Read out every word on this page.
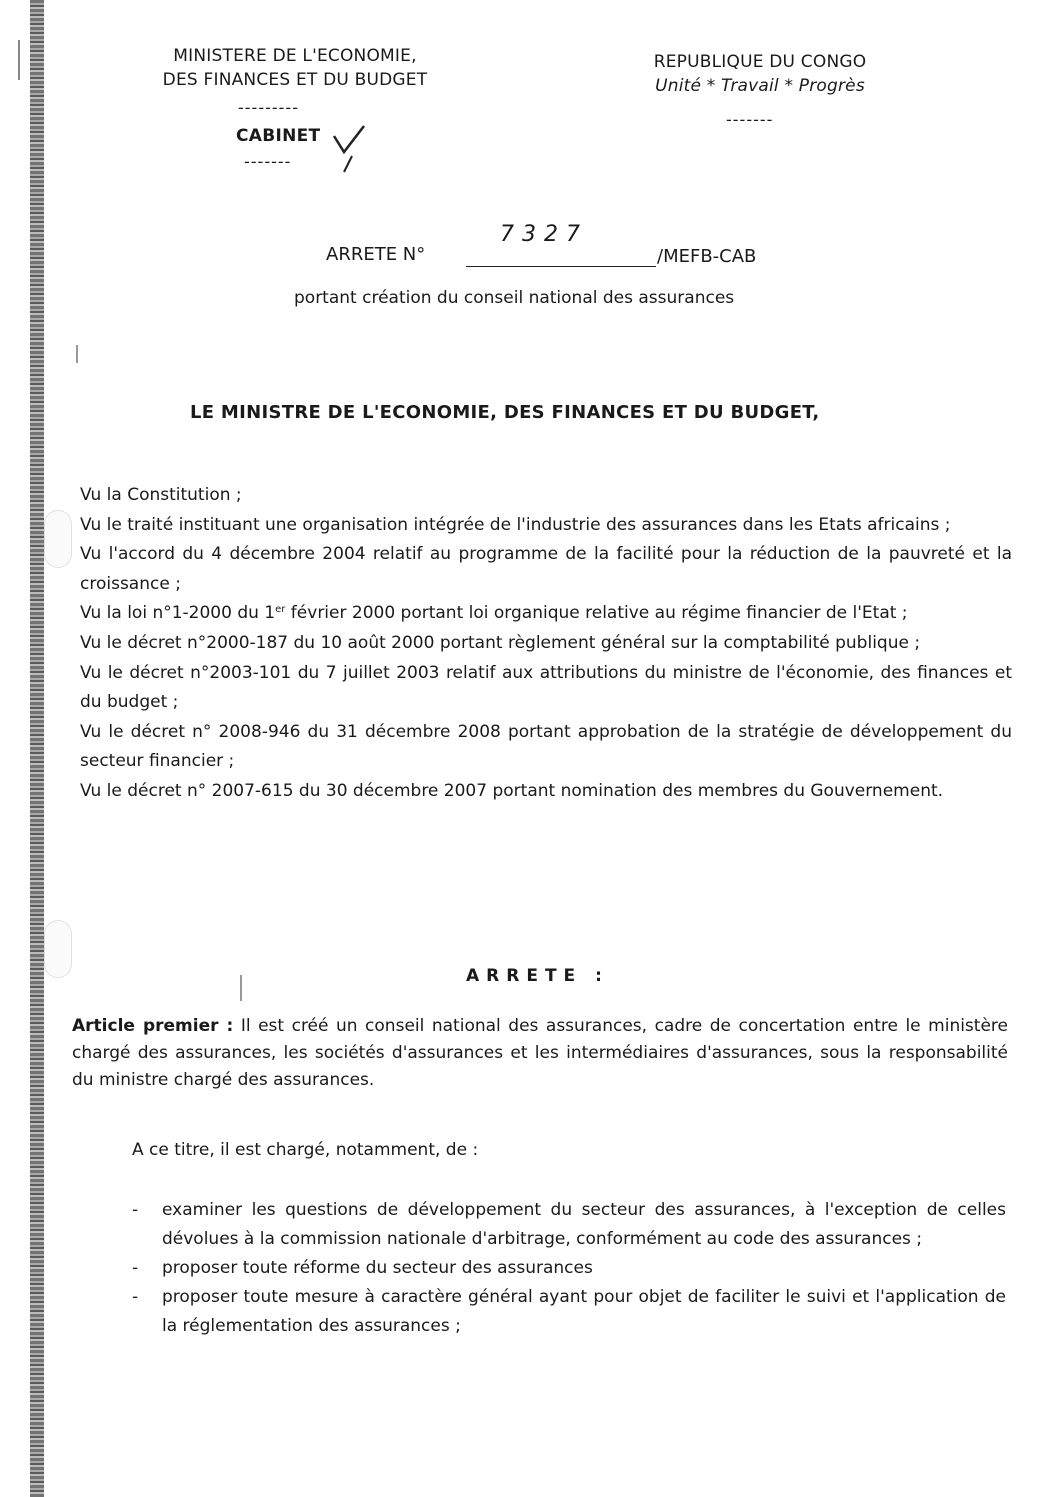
MINISTERE DE L'ECONOMIE,
DES FINANCES ET DU BUDGET
---------
CABINET
-------
REPUBLIQUE DU CONGO
Unité * Travail * Progrès
-------
ARRETE N°
7327
/MEFB-CAB
portant création du conseil national des assurances
LE MINISTRE DE L'ECONOMIE, DES FINANCES ET DU BUDGET,

Vu la Constitution ;

Vu le traité instituant une organisation intégrée de l'industrie des assurances dans les Etats africains ;

Vu l'accord du 4 décembre 2004 relatif au programme de la facilité pour la réduction de la pauvreté et la croissance ;

Vu la loi n°1-2000 du 1er février 2000 portant loi organique relative au régime financier de l'Etat ;

Vu le décret n°2000-187 du 10 août 2000 portant règlement général sur la comptabilité publique ;

Vu le décret n°2003-101 du 7 juillet 2003 relatif aux attributions du ministre de l'économie, des finances et du budget ;

Vu le décret n° 2008-946 du 31 décembre 2008 portant approbation de la stratégie de développement du secteur financier ;

Vu le décret n° 2007-615 du 30 décembre 2007 portant nomination des membres du Gouvernement.

ARRETE :
Article premier : Il est créé un conseil national des assurances, cadre de concertation entre le ministère chargé des assurances, les sociétés d'assurances et les intermédiaires d'assurances, sous la responsabilité du ministre chargé des assurances.
A ce titre, il est chargé, notamment, de :
- examiner les questions de développement du secteur des assurances, à l'exception de celles dévolues à la commission nationale d'arbitrage, conformément au code des assurances ;
- proposer toute réforme du secteur des assurances
- proposer toute mesure à caractère général ayant pour objet de faciliter le suivi et l'application de la réglementation des assurances ;
